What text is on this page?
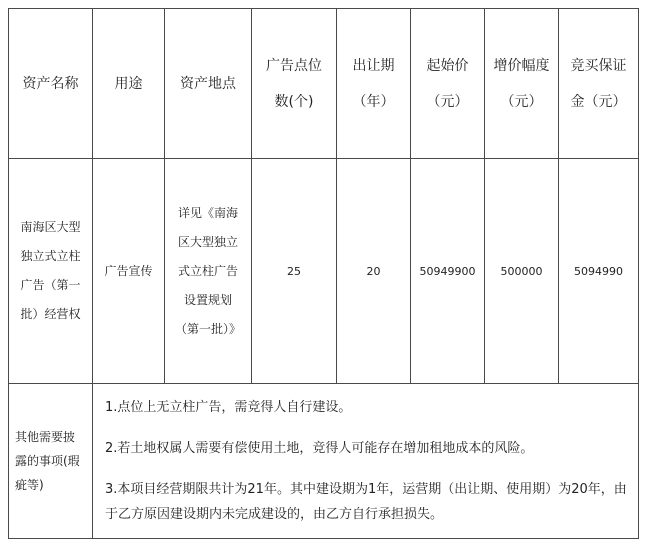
资产名称	用途	资产地点	广告点位数(个)	出让期（年）	起始价（元）	增价幅度（元）	竞买保证金（元）
南海区大型独立式立柱广告（第一批）经营权	广告宣传	详见《南海区大型独立式立柱广告设置规划（第一批）》	25	20	50949900	500000	5094990
其他需要披露的事项(瑕疵等)	1.点位上无立柱广告，需竞得人自行建设。

2.若土地权属人需要有偿使用土地，竞得人可能存在增加租地成本的风险。

3.本项目经营期限共计为21年。其中建设期为1年，运营期（出让期、使用期）为20年，由于乙方原因建设期内未完成建设的，由乙方自行承担损失。						
